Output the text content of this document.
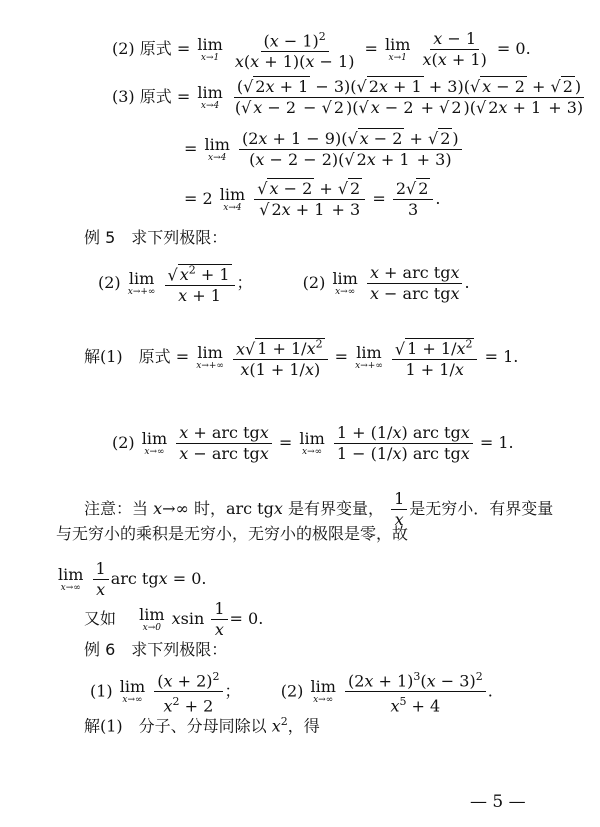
(2) 原式 = lim
x→1
$\frac{(x - 1)^2}{x(x + 1)(x - 1)} = \lim$
x→1
$\frac{x - 1}{x(x + 1)} = 0$.
(3) 原式 = lim
x→4
$\frac{(√ 2x + 1 - 3)(√ 2x + 1 + 3)(√ x - 2 + √ 2 )}{(√ x - 2 - √ 2 )(√ x - 2 + √ 2 )(√ 2x + 1 + 3)}$
= lim
x→4
$\frac{(2x + 1 - 9)(√ x - 2 + √ 2 )}{(x - 2 - 2)(√ 2x + 1 + 3)}$
= 2 lim
x→4
$\frac{√ x - 2 + √ 2}{√ 2x + 1 + 3} = \frac{2√ 2}{3}$ .
例 5　求下列极限：
(2) lim
x→+∞
$\frac{√ x^2 + 1}{x + 1}$ ；	(2) lim
x→∞

x + arc tgx
x − arc tgx
.
解(1)　原式 = lim
x→+∞
$\frac{x√ 1 + 1/x^2}{x(1 + 1/x)} = \lim$
x→+∞
$\frac{√ 1 + 1/x^2}{1 + 1/x} = 1$.
(2) lim
x→∞

x + arc tgx
x − arc tgx
= lim
x→∞

1 + (1/x) arc tgx
1 − (1/x) arc tgx
= 1.
注意：当 x→∞ 时，arc tgx 是有界变量， $\frac{1}{x}$ 是无穷小．有界变量
与无穷小的乘积是无穷小，无穷小的极限是零，故
lim
x→∞
$\frac{1}{x}$ arc tgx = 0.
又如　 lim
x→0 xsin $\frac{1}{x} = 0$.
例 6　求下列极限：
(1) lim
x→∞
$\frac{(x + 2)^2}{x^2 + 2}$ ；  (2) lim
x→∞
$\frac{(2x + 1)^3(x - 3)^2}{x^5 + 4}$ .
解(1)　分子、分母同除以 $x^2$，得
— 5 —
